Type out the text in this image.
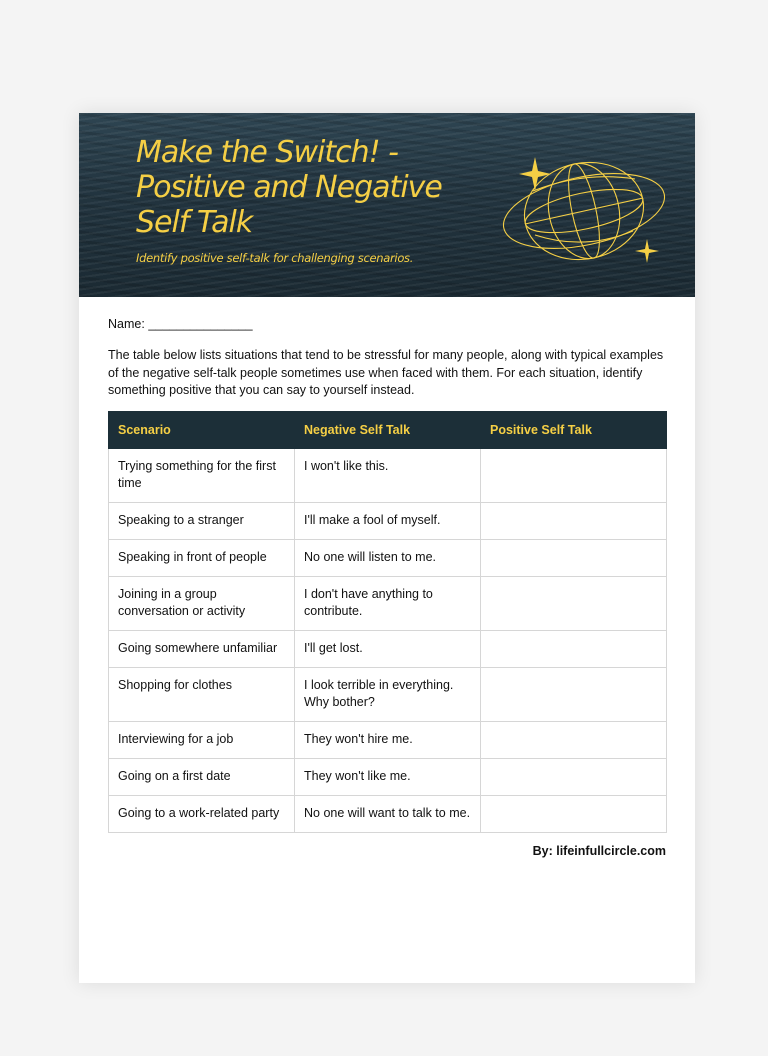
Make the Switch! -
Positive and Negative
Self Talk
Identify positive self-talk for challenging scenarios.
Name: _______________

The table below lists situations that tend to be stressful for many people, along with typical examples of the negative self-talk people sometimes use when faced with them. For each situation, identify something positive that you can say to yourself instead.

Scenario	Negative Self Talk	Positive Self Talk
Trying something for the first time	I won't like this.	
Speaking to a stranger	I'll make a fool of myself.	
Speaking in front of people	No one will listen to me.	
Joining in a group conversation or activity	I don't have anything to contribute.	
Going somewhere unfamiliar	I'll get lost.	
Shopping for clothes	I look terrible in everything. Why bother?	
Interviewing for a job	They won't hire me.	
Going on a first date	They won't like me.	
Going to a work-related party	No one will want to talk to me.	
By: lifeinfullcircle.com
